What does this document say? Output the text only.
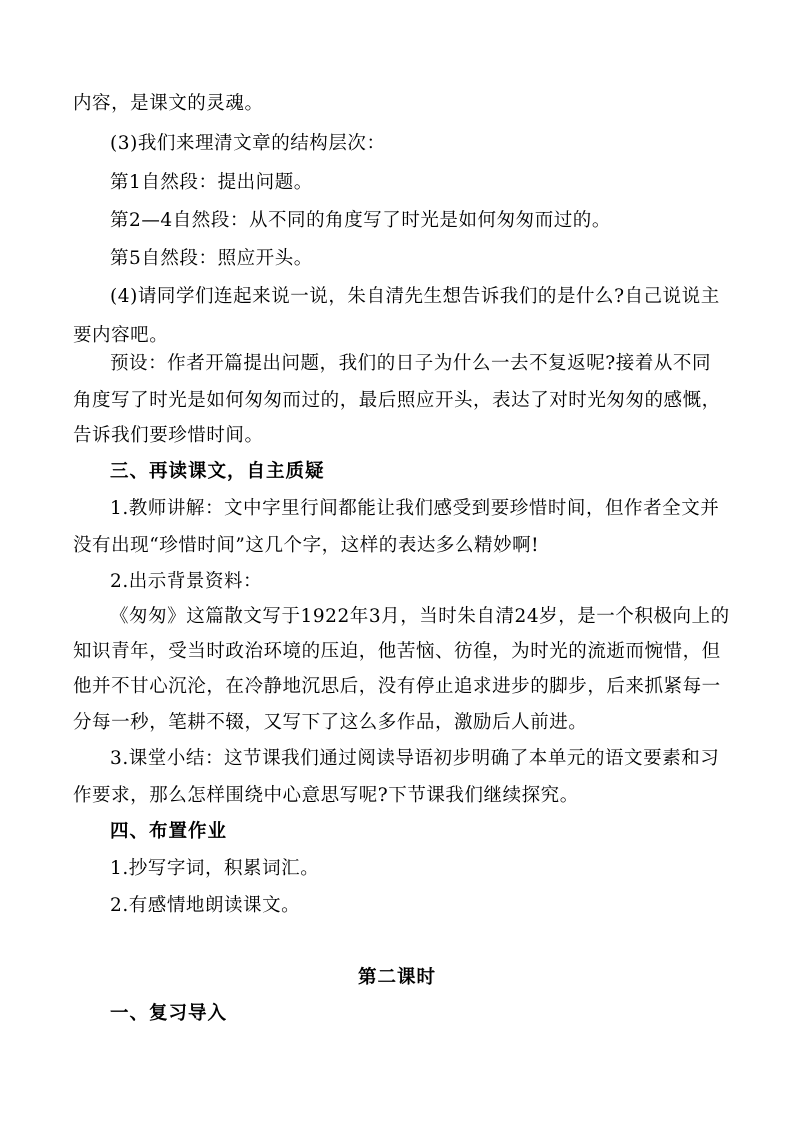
内容，是课文的灵魂。
(3)我们来理清文章的结构层次：
第1自然段：提出问题。
第2—4自然段：从不同的角度写了时光是如何匆匆而过的。
第5自然段：照应开头。
(4)请同学们连起来说一说，朱自清先生想告诉我们的是什么?自己说说主
要内容吧。
预设：作者开篇提出问题，我们的日子为什么一去不复返呢?接着从不同
角度写了时光是如何匆匆而过的，最后照应开头，表达了对时光匆匆的感慨，
告诉我们要珍惜时间。
三、再读课文，自主质疑
1.教师讲解：文中字里行间都能让我们感受到要珍惜时间，但作者全文并
没有出现“珍惜时间”这几个字，这样的表达多么精妙啊!
2.出示背景资料：
《匆匆》这篇散文写于1922年3月，当时朱自清24岁，是一个积极向上的
知识青年，受当时政治环境的压迫，他苦恼、彷徨，为时光的流逝而惋惜，但
他并不甘心沉沦，在冷静地沉思后，没有停止追求进步的脚步，后来抓紧每一
分每一秒，笔耕不辍，又写下了这么多作品，激励后人前进。
3.课堂小结：这节课我们通过阅读导语初步明确了本单元的语文要素和习
作要求，那么怎样围绕中心意思写呢?下节课我们继续探究。
四、布置作业
1.抄写字词，积累词汇。
2.有感情地朗读课文。
第二课时
一、复习导入
